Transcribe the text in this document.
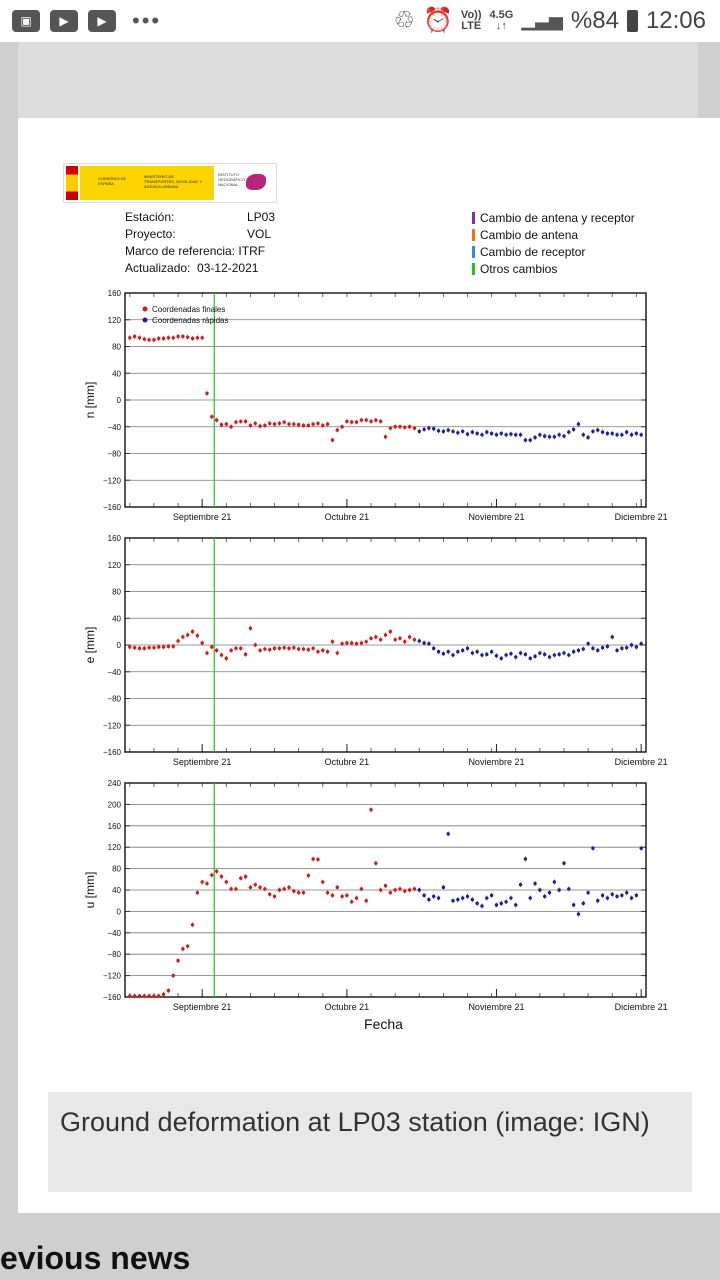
▣	▶	▶	•••	♲ ⏰ Vo))
LTE
4.5G
↓↑ ▁▃▅ %84 12:06
evious news
GOBIERNO DE ESPAÑA
MINISTERIO DE TRANSPORTES, MOVILIDAD Y AGENDA URBANA
INSTITUTO GEOGRÁFICO NACIONAL
Estación:	LP03
Proyecto:	VOL
Marco de referencia:
ITRF
Actualizado:
03-12-2021
Cambio de antena y receptor
Cambio de antena
Cambio de receptor
Otros cambios
−160
−120
−80
−40
0
40
80
120
160
Septiembre 21	Octubre 21	Noviembre 21	Diciembre 21
n [mm]
Coordenadas finales
Coordenadas rápidas
−160
−120
−80
−40
0
40
80
120
160
Septiembre 21	Octubre 21	Noviembre 21	Diciembre 21
e [mm]
−160
−120
−80
−40
0
40
80
120
160
200
240
Septiembre 21	Octubre 21	Noviembre 21	Diciembre 21
u [mm]
Fecha
Ground deformation at LP03 station (image: IGN)
